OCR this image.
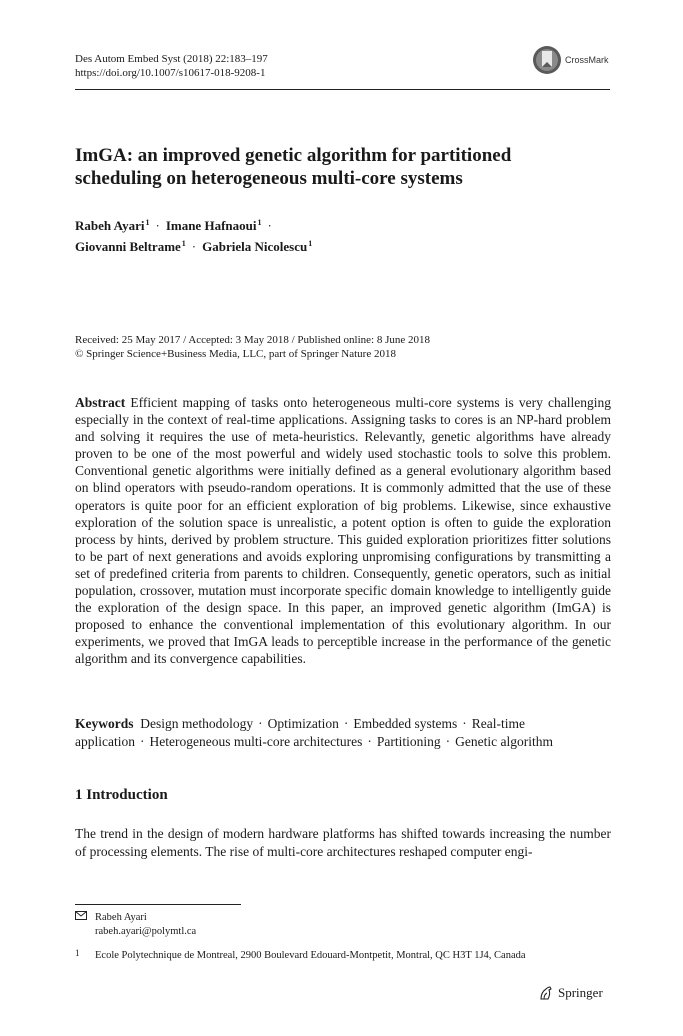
Des Autom Embed Syst (2018) 22:183–197
https://doi.org/10.1007/s10617-018-9208-1
CrossMark
ImGA: an improved genetic algorithm for partitioned
scheduling on heterogeneous multi-core systems
Rabeh Ayari$^1$ · Imane Hafnaoui$^1$ ·
Giovanni Beltrame$^1$ · Gabriela Nicolescu$^1$
Received: 25 May 2017 / Accepted: 3 May 2018 / Published online: 8 June 2018
© Springer Science+Business Media, LLC, part of Springer Nature 2018
Abstract Efficient mapping of tasks onto heterogeneous multi-core systems is very challenging especially in the context of real-time applications. Assigning tasks to cores is an NP-hard problem and solving it requires the use of meta-heuristics. Relevantly, genetic algorithms have already proven to be one of the most powerful and widely used stochastic tools to solve this problem. Conventional genetic algorithms were initially defined as a general evolutionary algorithm based on blind operators with pseudo-random operations. It is commonly admitted that the use of these operators is quite poor for an efficient exploration of big problems. Likewise, since exhaustive exploration of the solution space is unrealistic, a potent option is often to guide the exploration process by hints, derived by problem structure. This guided exploration prioritizes fitter solutions to be part of next generations and avoids exploring unpromising configurations by transmitting a set of predefined criteria from parents to children. Consequently, genetic operators, such as initial population, crossover, mutation must incorporate specific domain knowledge to intelligently guide the exploration of the design space. In this paper, an improved genetic algorithm (ImGA) is proposed to enhance the conventional implementation of this evolutionary algorithm. In our experiments, we proved that ImGA leads to perceptible increase in the performance of the genetic algorithm and its convergence capabilities.
Keywords Design methodology · Optimization · Embedded systems · Real-time application · Heterogeneous multi-core architectures · Partitioning · Genetic algorithm
1 Introduction
The trend in the design of modern hardware platforms has shifted towards increasing the number of processing elements. The rise of multi-core architectures reshaped computer engi-
Rabeh Ayari
rabeh.ayari@polymtl.ca
1 Ecole Polytechnique de Montreal, 2900 Boulevard Edouard-Montpetit, Montral, QC H3T 1J4, Canada
Springer
